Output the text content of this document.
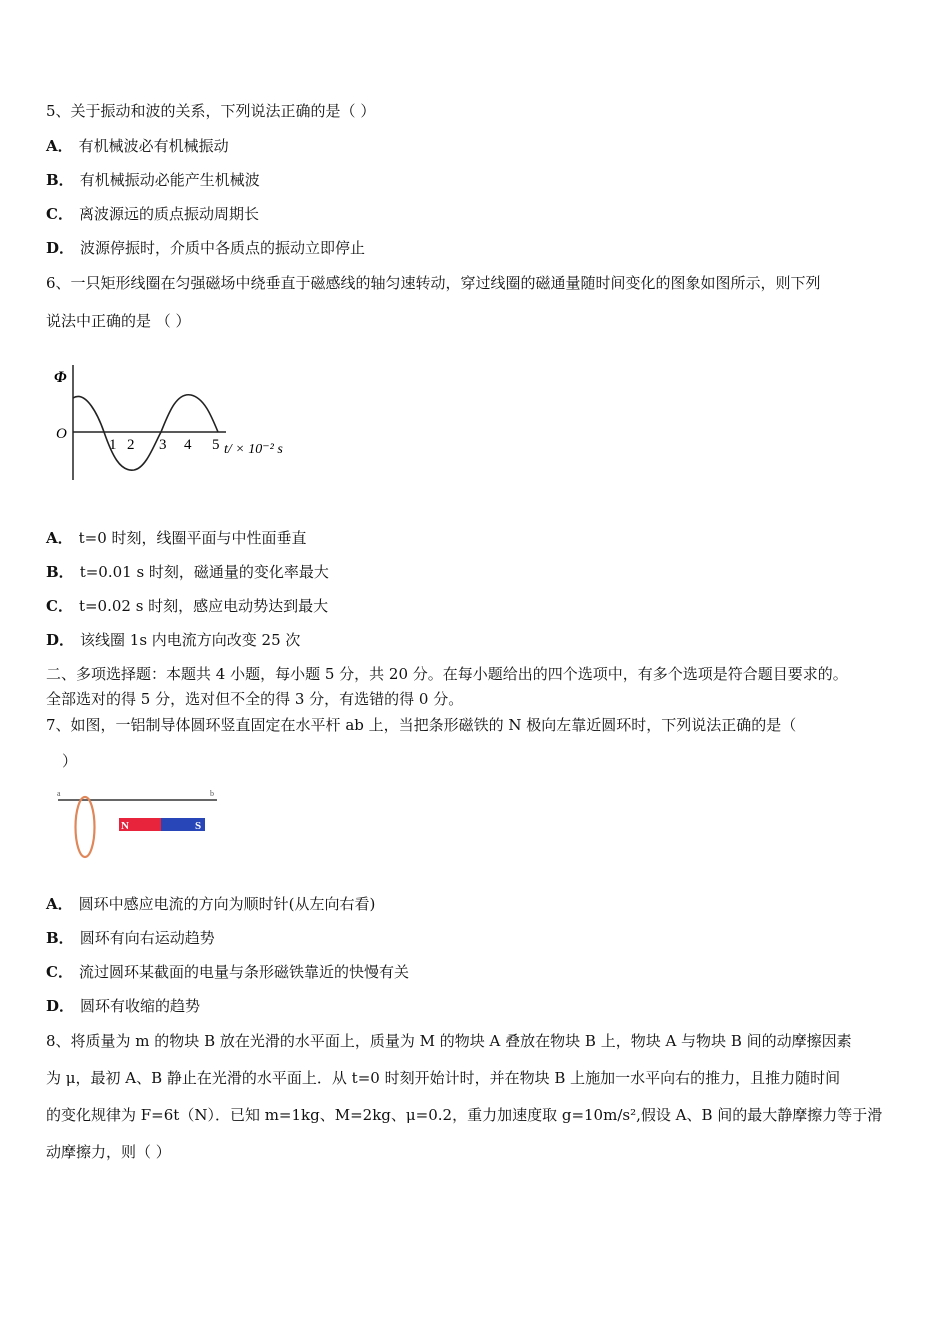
5、关于振动和波的关系，下列说法正确的是（ ）
A． 有机械波必有机械振动
B． 有机械振动必能产生机械波
C． 离波源远的质点振动周期长
D． 波源停振时，介质中各质点的振动立即停止
6、一只矩形线圈在匀强磁场中绕垂直于磁感线的轴匀速转动，穿过线圈的磁通量随时间变化的图象如图所示，则下列
说法中正确的是 （ ）
Φ
O
1 2 3 4 5 t/ × 10⁻² s
A． t=0 时刻，线圈平面与中性面垂直
B． t=0.01 s 时刻，磁通量的变化率最大
C． t=0.02 s 时刻，感应电动势达到最大
D． 该线圈 1s 内电流方向改变 25 次
二、多项选择题：本题共 4 小题，每小题 5 分，共 20 分。在每小题给出的四个选项中，有多个选项是符合题目要求的。
全部选对的得 5 分，选对但不全的得 3 分，有选错的得 0 分。
7、如图，一铝制导体圆环竖直固定在水平杆 ab 上，当把条形磁铁的 N 极向左靠近圆环时，下列说法正确的是（
）
a	b
N	S
A． 圆环中感应电流的方向为顺时针(从左向右看)
B． 圆环有向右运动趋势
C． 流过圆环某截面的电量与条形磁铁靠近的快慢有关
D． 圆环有收缩的趋势
8、将质量为 m 的物块 B 放在光滑的水平面上，质量为 M 的物块 A 叠放在物块 B 上，物块 A 与物块 B 间的动摩擦因素
为 μ，最初 A、B 静止在光滑的水平面上．从 t=0 时刻开始计时，并在物块 B 上施加一水平向右的推力，且推力随时间
的变化规律为 F=6t（N）．已知 m=1kg、M=2kg、μ=0.2，重力加速度取 g=10m/s²,假设 A、B 间的最大静摩擦力等于滑
动摩擦力，则（ ）
